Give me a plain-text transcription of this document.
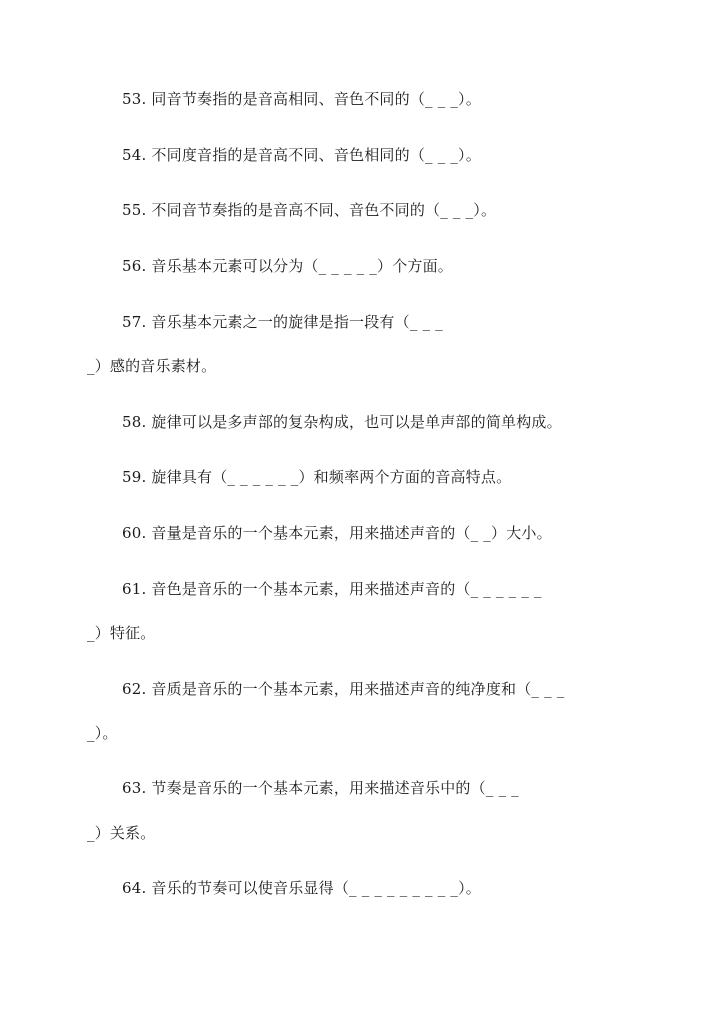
53. 同音节奏指的是音高相同、音色不同的（_ _ _）。
54. 不同度音指的是音高不同、音色相同的（_ _ _）。
55. 不同音节奏指的是音高不同、音色不同的（_ _ _）。
56. 音乐基本元素可以分为（_ _ _ _ _）个方面。
57. 音乐基本元素之一的旋律是指一段有（_ _ _
_）感的音乐素材。
58. 旋律可以是多声部的复杂构成，也可以是单声部的简单构成。
59. 旋律具有（_ _ _ _ _ _）和频率两个方面的音高特点。
60. 音量是音乐的一个基本元素，用来描述声音的（_ _）大小。
61. 音色是音乐的一个基本元素，用来描述声音的（_ _ _ _ _ _
_）特征。
62. 音质是音乐的一个基本元素，用来描述声音的纯净度和（_ _ _
_）。
63. 节奏是音乐的一个基本元素，用来描述音乐中的（_ _ _
_）关系。
64. 音乐的节奏可以使音乐显得（_ _ _ _ _ _ _ _ _）。
